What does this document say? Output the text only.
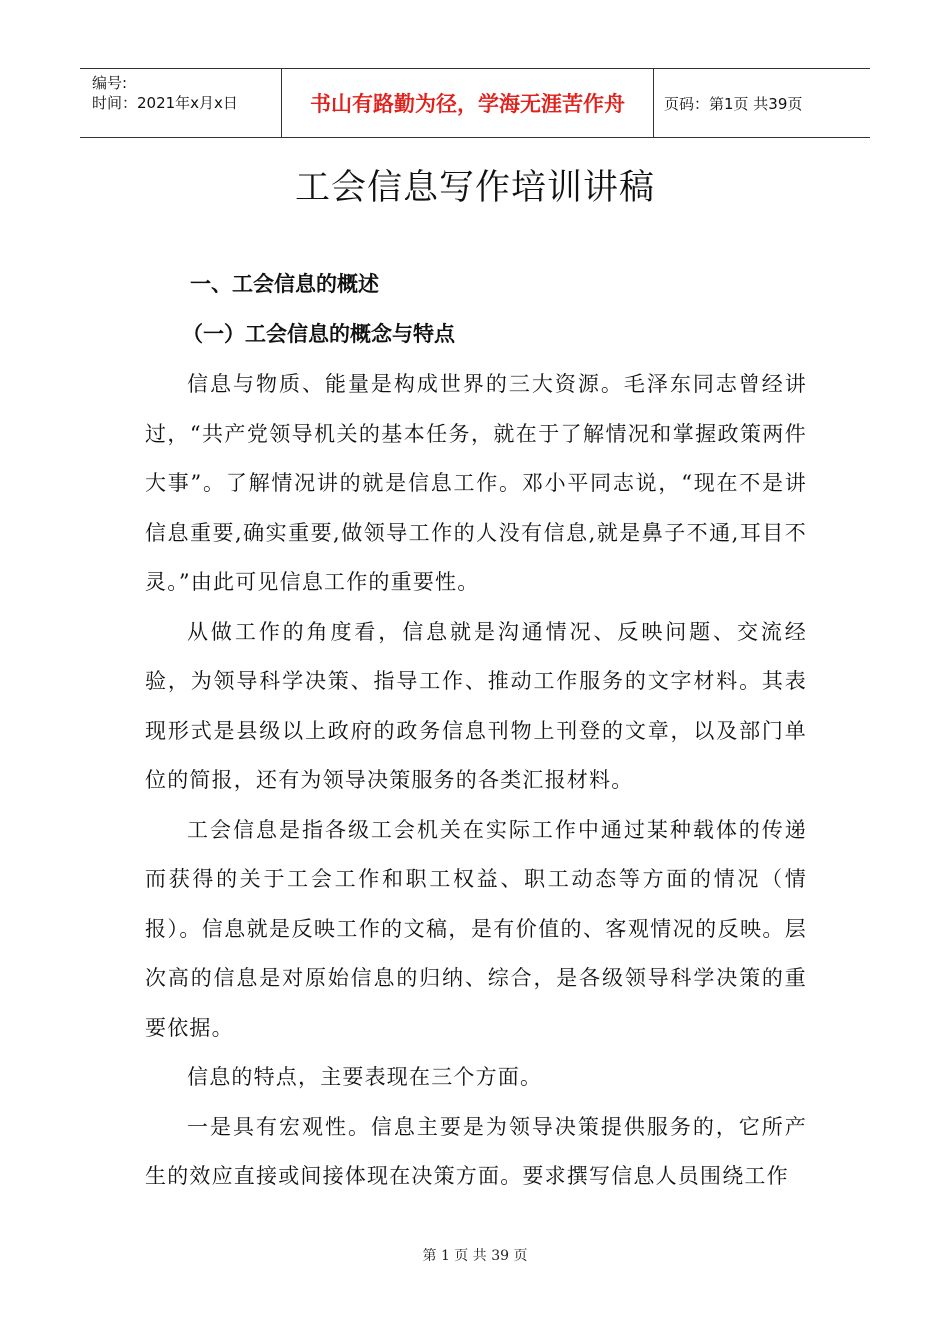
编号:
时间：2021年x月x日	书山有路勤为径，学海无涯苦作舟	页码：第1页 共39页
工会信息写作培训讲稿
一、工会信息的概述
（一）工会信息的概念与特点

信息与物质、能量是构成世界的三大资源。毛泽东同志曾经讲过，“共产党领导机关的基本任务，就在于了解情况和掌握政策两件大事”。了解情况讲的就是信息工作。邓小平同志说，“现在不是讲信息重要,确实重要,做领导工作的人没有信息,就是鼻子不通,耳目不灵。”由此可见信息工作的重要性。

从做工作的角度看，信息就是沟通情况、反映问题、交流经验，为领导科学决策、指导工作、推动工作服务的文字材料。其表现形式是县级以上政府的政务信息刊物上刊登的文章，以及部门单位的简报，还有为领导决策服务的各类汇报材料。

工会信息是指各级工会机关在实际工作中通过某种载体的传递而获得的关于工会工作和职工权益、职工动态等方面的情况（情报）。信息就是反映工作的文稿，是有价值的、客观情况的反映。层次高的信息是对原始信息的归纳、综合，是各级领导科学决策的重要依据。

信息的特点，主要表现在三个方面。

一是具有宏观性。信息主要是为领导决策提供服务的，它所产生的效应直接或间接体现在决策方面。要求撰写信息人员围绕工作

第 1 页 共 39 页
